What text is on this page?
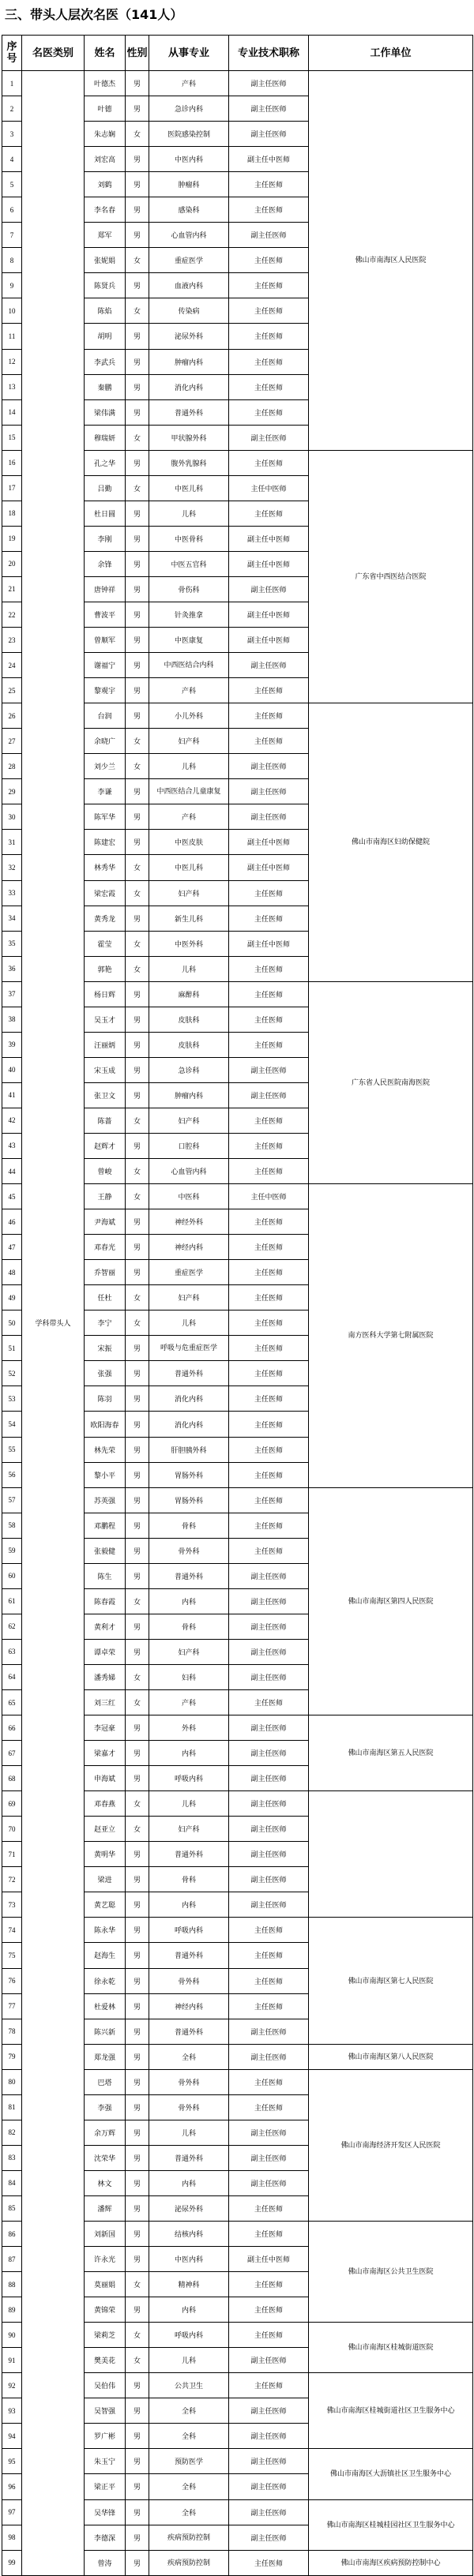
三、带头人层次名医（141人）
序号	名医类别	姓名	性别	从事专业	专业技术职称	工作单位	
1	学科带头人	叶德杰	男	产科	副主任医师	佛山市南海区人民医院	
2		叶德	男	急诊内科	副主任医师		
3		朱志娴	女	医院感染控制	副主任医师		
4		刘宏高	男	中医内科	副主任中医师		
5		刘鹤	男	肿瘤科	主任医师		
6		李名春	男	感染科	主任医师		
7		郑军	男	心血管内科	副主任医师		
8		张妮娟	女	重症医学	主任医师		
9		陈贤兵	男	血液内科	主任医师		
10		陈焰	女	传染病	主任医师		
11		胡明	男	泌尿外科	主任医师		
12		李武兵	男	肿瘤内科	主任医师		
13		秦鹏	男	消化内科	主任医师		
14		梁伟满	男	普通外科	主任医师		
15		穆瑞妍	女	甲状腺外科	副主任医师		
16		孔之华	男	腹外乳腺科	主任医师	广东省中西医结合医院	
17		吕勤	女	中医儿科	主任中医师		
18		杜日圆	男	儿科	主任医师		
19		李刚	男	中医骨科	副主任中医师		
20		余锋	男	中医五官科	副主任中医师		
21		唐钟祥	男	骨伤科	副主任医师		
22		曹波平	男	针灸推拿	副主任中医师		
23		曾顺军	男	中医康复	副主任中医师		
24		谢福宁	男	中西医结合内科	副主任医师		
25		黎观宇	男	产科	主任医师		
26		台润	男	小儿外科	主任医师	佛山市南海区妇幼保健院	
27		余晓广	女	妇产科	主任医师		
28		刘少兰	女	儿科	副主任医师		
29		李谦	男	中西医结合儿童康复	副主任医师		
30		陈军华	男	产科	副主任医师		
31		陈建宏	男	中医皮肤	副主任中医师		
32		林秀华	女	中医儿科	副主任中医师		
33		梁宏霞	女	妇产科	主任医师		
34		黄秀龙	男	新生儿科	主任医师		
35		霍莹	女	中医外科	副主任中医师		
36		郭艳	女	儿科	主任医师		
37		杨日辉	男	麻醉科	主任医师	广东省人民医院南海医院	
38		吴玉才	男	皮肤科	主任医师		
39		汪丽炳	男	皮肤科	主任医师		
40		宋玉成	男	急诊科	副主任医师		
41		张卫文	男	肿瘤内科	副主任医师		
42		陈蔷	女	妇产科	主任医师		
43		赵辉才	男	口腔科	主任医师		
44		曾峻	女	心血管内科	主任医师		
45		王静	女	中医科	主任中医师	南方医科大学第七附属医院	
46		尹海斌	男	神经外科	主任医师		
47		邓春光	男	神经内科	主任医师		
48		乔智丽	男	重症医学	主任医师		
49		任杜	女	妇产科	主任医师		
50		李宁	女	儿科	主任医师		
51		宋振	男	呼吸与危重症医学	主任医师		
52		张强	男	普通外科	主任医师		
53		陈羽	男	消化内科	主任医师		
54		欧阳海春	男	消化内科	主任医师		
55		林先荣	男	肝胆胰外科	主任医师		
56		黎小平	男	胃肠外科	主任医师		
57		苏英强	男	胃肠外科	主任医师	佛山市南海区第四人民医院	
58		邓鹏程	男	骨科	主任医师		
59		张毅健	男	骨外科	主任医师		
60		陈生	男	普通外科	副主任医师		
61		陈春霞	女	内科	副主任医师		
62		黄利才	男	骨科	副主任医师		
63		谭卓荣	男	妇产科	副主任医师		
64		潘秀娣	女	妇科	副主任医师		
65		刘三红	女	产科	主任医师		
66		李冠豪	男	外科	副主任医师	佛山市南海区第五人民医院	
67		梁嘉才	男	内科	副主任医师		
68		申海斌	男	呼吸内科	副主任医师	
69		邓春燕	女	儿科	副主任医师		
70		赵亚立	女	妇产科	副主任医师		
71		黄明华	男	普通外科	副主任医师		
72		梁进	男	骨科	副主任医师		
73		黄艺聪	男	内科	副主任医师		
74		陈永华	男	呼吸内科	主任医师	佛山市南海区第七人民医院	
75		赵海生	男	普通外科	主任医师		
76		徐永乾	男	骨外科	主任医师		
77		杜爱林	男	神经内科	主任医师		
78		陈兴新	男	普通外科	副主任医师		
79		郑龙强	男	全科	副主任医师	佛山市南海区第八人民医院	
80		巴塔	男	骨外科	主任医师	佛山市南海经济开发区人民医院	
81		李强	男	骨外科	主任医师		
82		余万辉	男	儿科	副主任医师		
83		沈荣华	男	普通外科	副主任医师		
84		林文	男	内科	副主任医师		
85		潘辉	男	泌尿外科	主任医师		
86		刘新国	男	结核内科	主任医师	佛山市南海区公共卫生医院	
87		许永光	男	中医内科	副主任中医师		
88		莫丽娟	女	精神科	主任医师		
89		黄锦荣	男	内科	主任医师		
90		梁莉芝	女	呼吸内科	主任医师	佛山市南海区桂城街道医院	
91		樊美花	女	儿科	副主任医师		
92		吴伯伟	男	公共卫生	主任医师	佛山市南海区桂城街道社区卫生服务中心	
93		吴智强	男	全科	副主任医师		
94		罗广彬	男	全科	副主任医师		
95		朱玉宁	男	预防医学	副主任医师	佛山市南海区大沥镇社区卫生服务中心	
96		梁正平	男	全科	副主任医师		
97		吴华锋	男	全科	副主任医师	佛山市南海区桂城桂园社区卫生服务中心	
98		李德深	男	疾病预防控制	副主任医师		
99		曾涛	男	疾病预防控制	主任医师	佛山市南海区疾病预防控制中心	
